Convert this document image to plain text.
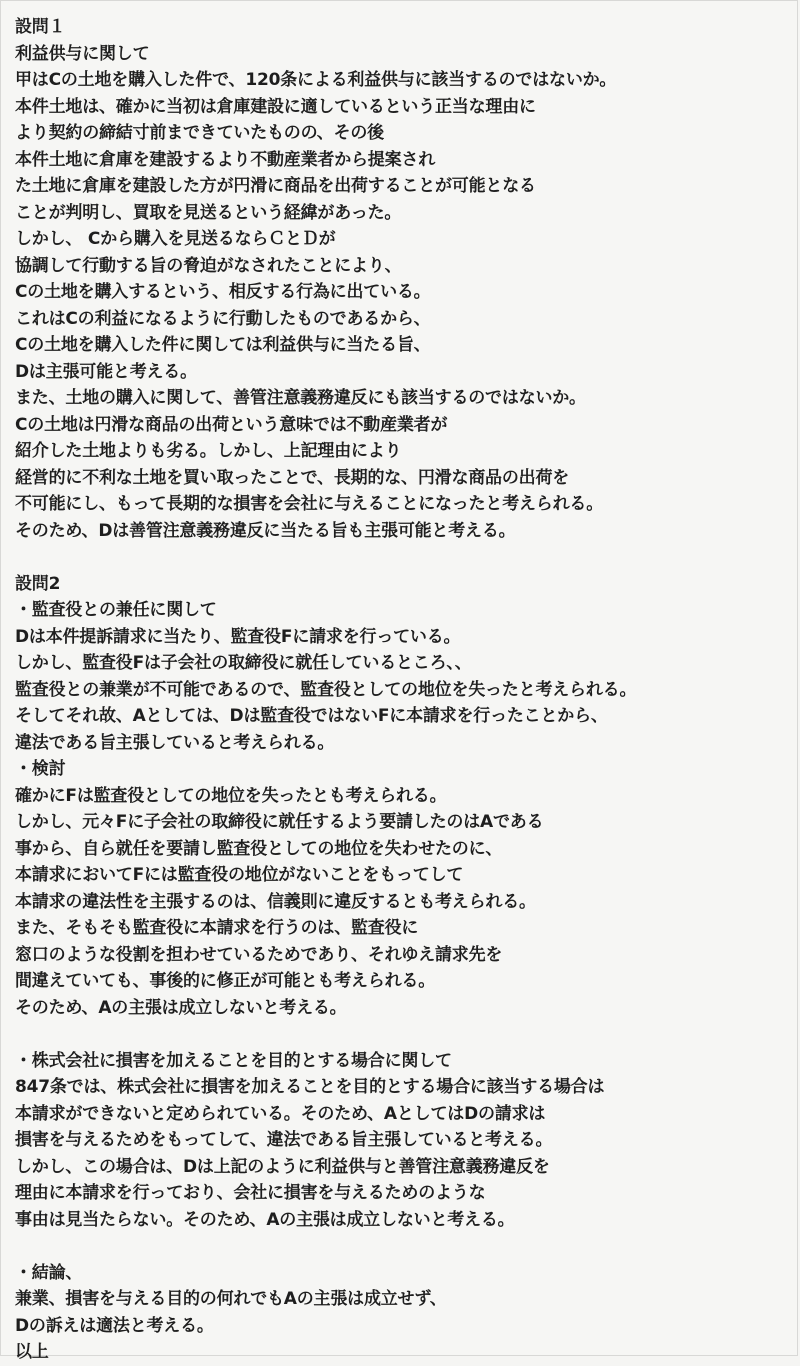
設問１
利益供与に関して
甲はCの土地を購入した件で、120条による利益供与に該当するのではないか。
本件土地は、確かに当初は倉庫建設に適しているという正当な理由に
より契約の締結寸前まできていたものの、その後
本件土地に倉庫を建設するより不動産業者から提案され
た土地に倉庫を建設した方が円滑に商品を出荷することが可能となる
ことが判明し、買取を見送るという経緯があった。
しかし、 Cから購入を見送るならＣとＤが
協調して行動する旨の脅迫がなされたことにより、
Cの土地を購入するという、相反する行為に出ている。
これはCの利益になるように行動したものであるから、
Cの土地を購入した件に関しては利益供与に当たる旨、
Dは主張可能と考える。
また、土地の購入に関して、善管注意義務違反にも該当するのではないか。
Cの土地は円滑な商品の出荷という意味では不動産業者が
紹介した土地よりも劣る。しかし、上記理由により
経営的に不利な土地を買い取ったことで、長期的な、円滑な商品の出荷を
不可能にし、もって長期的な損害を会社に与えることになったと考えられる。
そのため、Dは善管注意義務違反に当たる旨も主張可能と考える。
設問2
・監査役との兼任に関して
Dは本件提訴請求に当たり、監査役Fに請求を行っている。
しかし、監査役Fは子会社の取締役に就任しているところ、、
監査役との兼業が不可能であるので、監査役としての地位を失ったと考えられる。
そしてそれ故、Aとしては、Dは監査役ではないFに本請求を行ったことから、
違法である旨主張していると考えられる。
・検討
確かにFは監査役としての地位を失ったとも考えられる。
しかし、元々Fに子会社の取締役に就任するよう要請したのはAである
事から、自ら就任を要請し監査役としての地位を失わせたのに、
本請求においてFには監査役の地位がないことをもってして
本請求の違法性を主張するのは、信義則に違反するとも考えられる。
また、そもそも監査役に本請求を行うのは、監査役に
窓口のような役割を担わせているためであり、それゆえ請求先を
間違えていても、事後的に修正が可能とも考えられる。
そのため、Aの主張は成立しないと考える。
・株式会社に損害を加えることを目的とする場合に関して
847条では、株式会社に損害を加えることを目的とする場合に該当する場合は
本請求ができないと定められている。そのため、AとしてはDの請求は
損害を与えるためをもってして、違法である旨主張していると考える。
しかし、この場合は、Dは上記のように利益供与と善管注意義務違反を
理由に本請求を行っており、会社に損害を与えるためのような
事由は見当たらない。そのため、Aの主張は成立しないと考える。
・結論、
兼業、損害を与える目的の何れでもAの主張は成立せず、
Dの訴えは適法と考える。
以上
